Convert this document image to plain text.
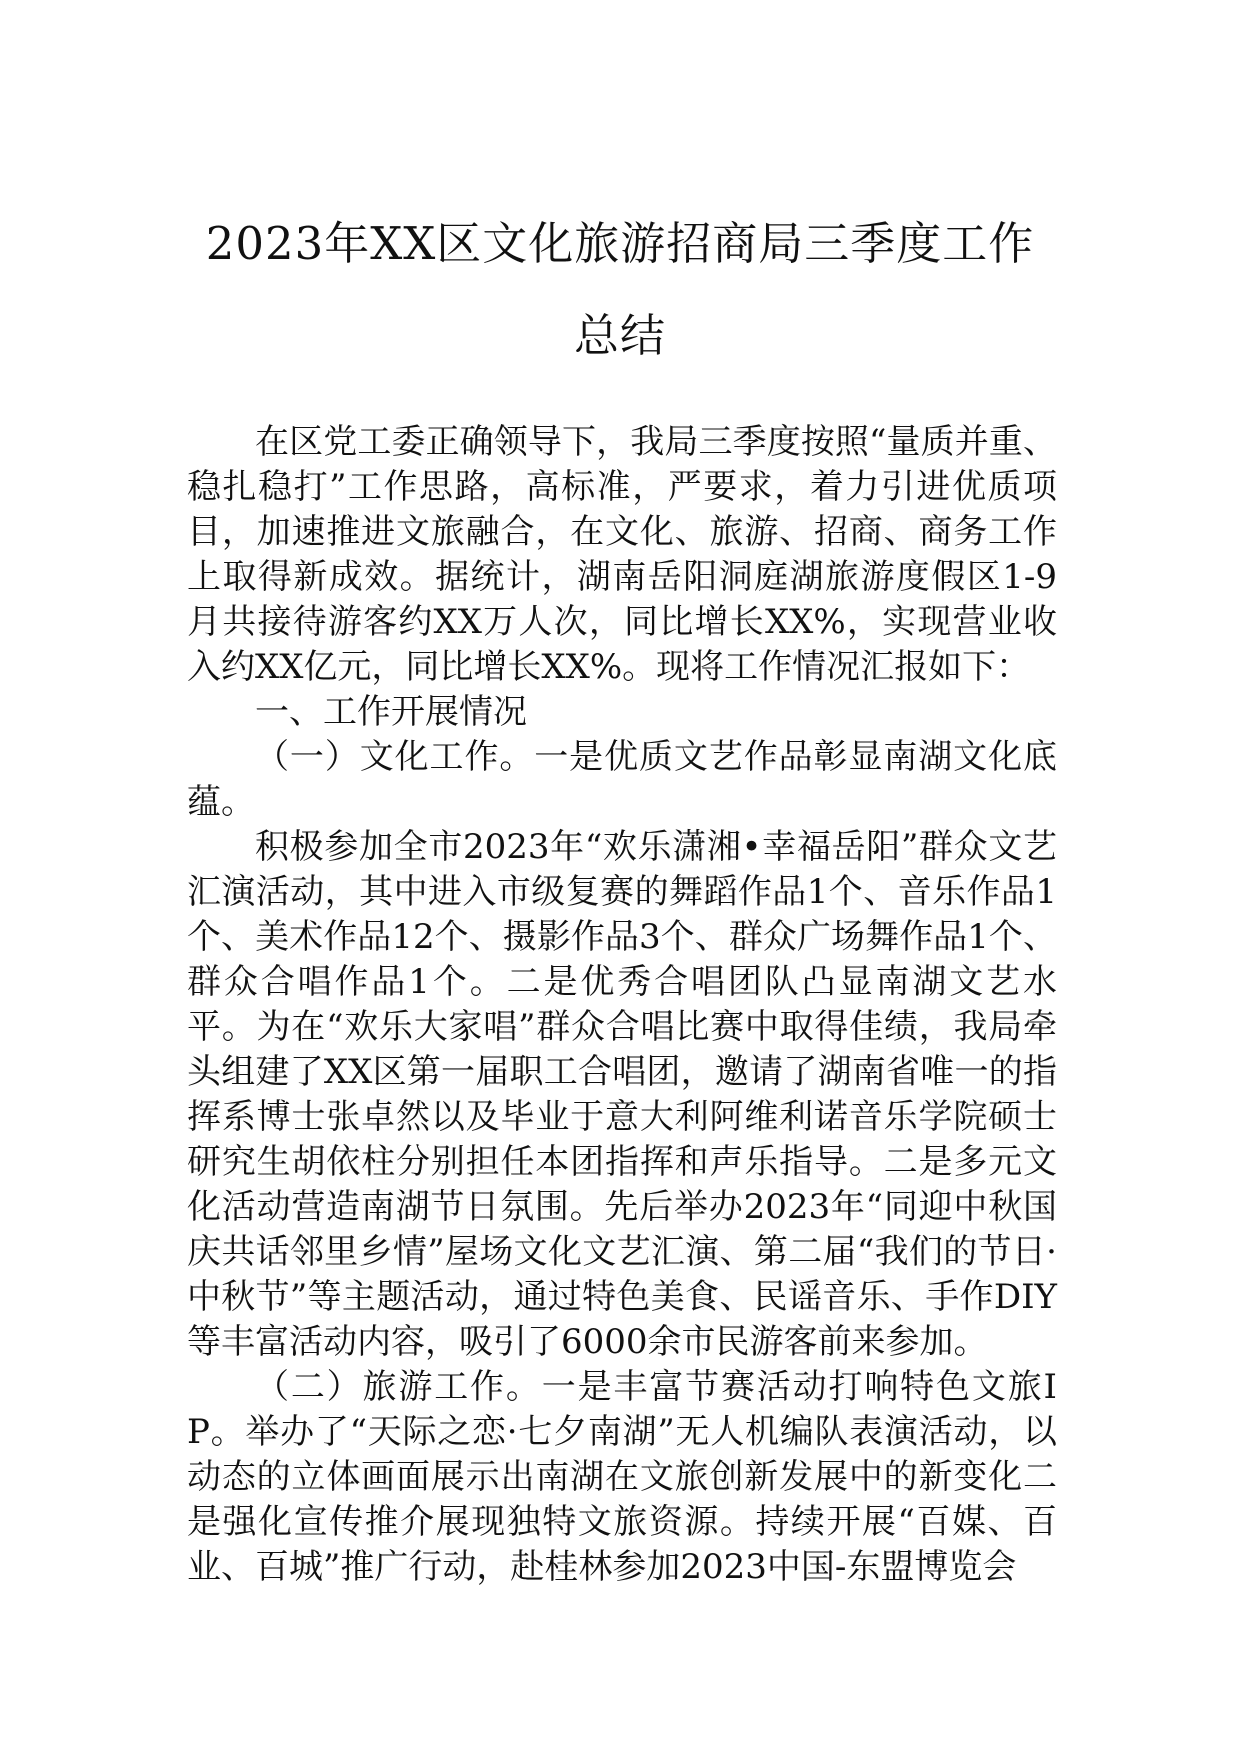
2023年XX区文化旅游招商局三季度工作
总结

在区党工委正确领导下，我局三季度按照“量质并重、稳扎稳打”工作思路，高标准，严要求，着力引进优质项目，加速推进文旅融合，在文化、旅游、招商、商务工作上取得新成效。据统计，湖南岳阳洞庭湖旅游度假区1-9月共接待游客约XX万人次，同比增长XX%，实现营业收入约XX亿元，同比增长XX%。现将工作情况汇报如下：

一、工作开展情况

（一）文化工作。一是优质文艺作品彰显南湖文化底蕴。

积极参加全市2023年“欢乐潇湘•幸福岳阳”群众文艺汇演活动，其中进入市级复赛的舞蹈作品1个、音乐作品1个、美术作品12个、摄影作品3个、群众广场舞作品1个、群众合唱作品1个。二是优秀合唱团队凸显南湖文艺水平。为在“欢乐大家唱”群众合唱比赛中取得佳绩，我局牵头组建了XX区第一届职工合唱团，邀请了湖南省唯一的指挥系博士张卓然以及毕业于意大利阿维利诺音乐学院硕士研究生胡依柱分别担任本团指挥和声乐指导。二是多元文化活动营造南湖节日氛围。先后举办2023年“同迎中秋国庆共话邻里乡情”屋场文化文艺汇演、第二届“我们的节日·中秋节”等主题活动，通过特色美食、民谣音乐、手作DIY等丰富活动内容，吸引了6000余市民游客前来参加。

（二）旅游工作。一是丰富节赛活动打响特色文旅IP。举办了“天际之恋·七夕南湖”无人机编队表演活动，以动态的立体画面展示出南湖在文旅创新发展中的新变化二是强化宣传推介展现独特文旅资源。持续开展“百媒、百业、百城”推广行动，赴桂林参加2023中国-东盟博览会
